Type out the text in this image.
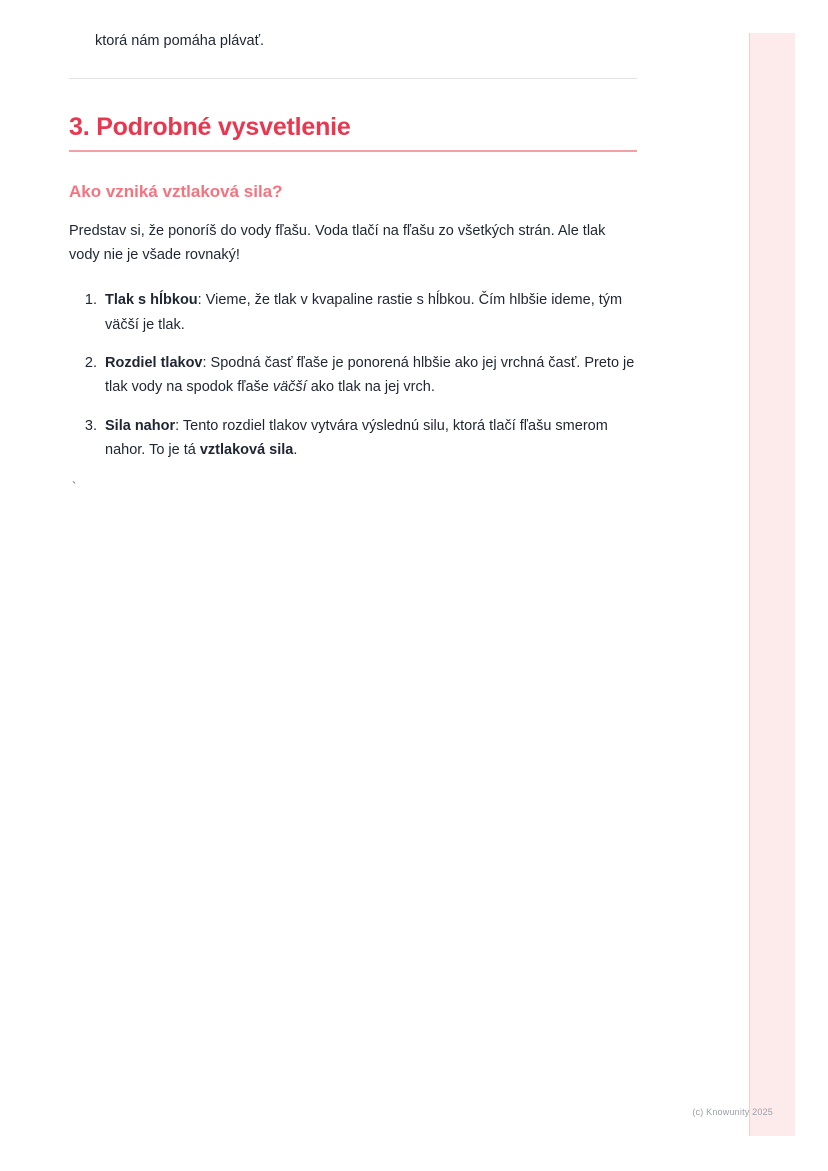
ktorá nám pomáha plávať.

3. Podrobné vysvetlenie
Ako vzniká vztlaková sila?

Predstav si, že ponoríš do vody fľašu. Voda tlačí na fľašu zo všetkých strán. Ale tlak vody nie je všade rovnaký!

1. Tlak s hĺbkou: Vieme, že tlak v kvapaline rastie s hĺbkou. Čím hlbšie ideme, tým väčší je tlak.
2. Rozdiel tlakov: Spodná časť fľaše je ponorená hlbšie ako jej vrchná časť. Preto je tlak vody na spodok fľaše väčší ako tlak na jej vrch.
3. Sila nahor: Tento rozdiel tlakov vytvára výslednú silu, ktorá tlačí fľašu smerom nahor. To je tá vztlaková sila.
`
(c) Knowunity 2025
